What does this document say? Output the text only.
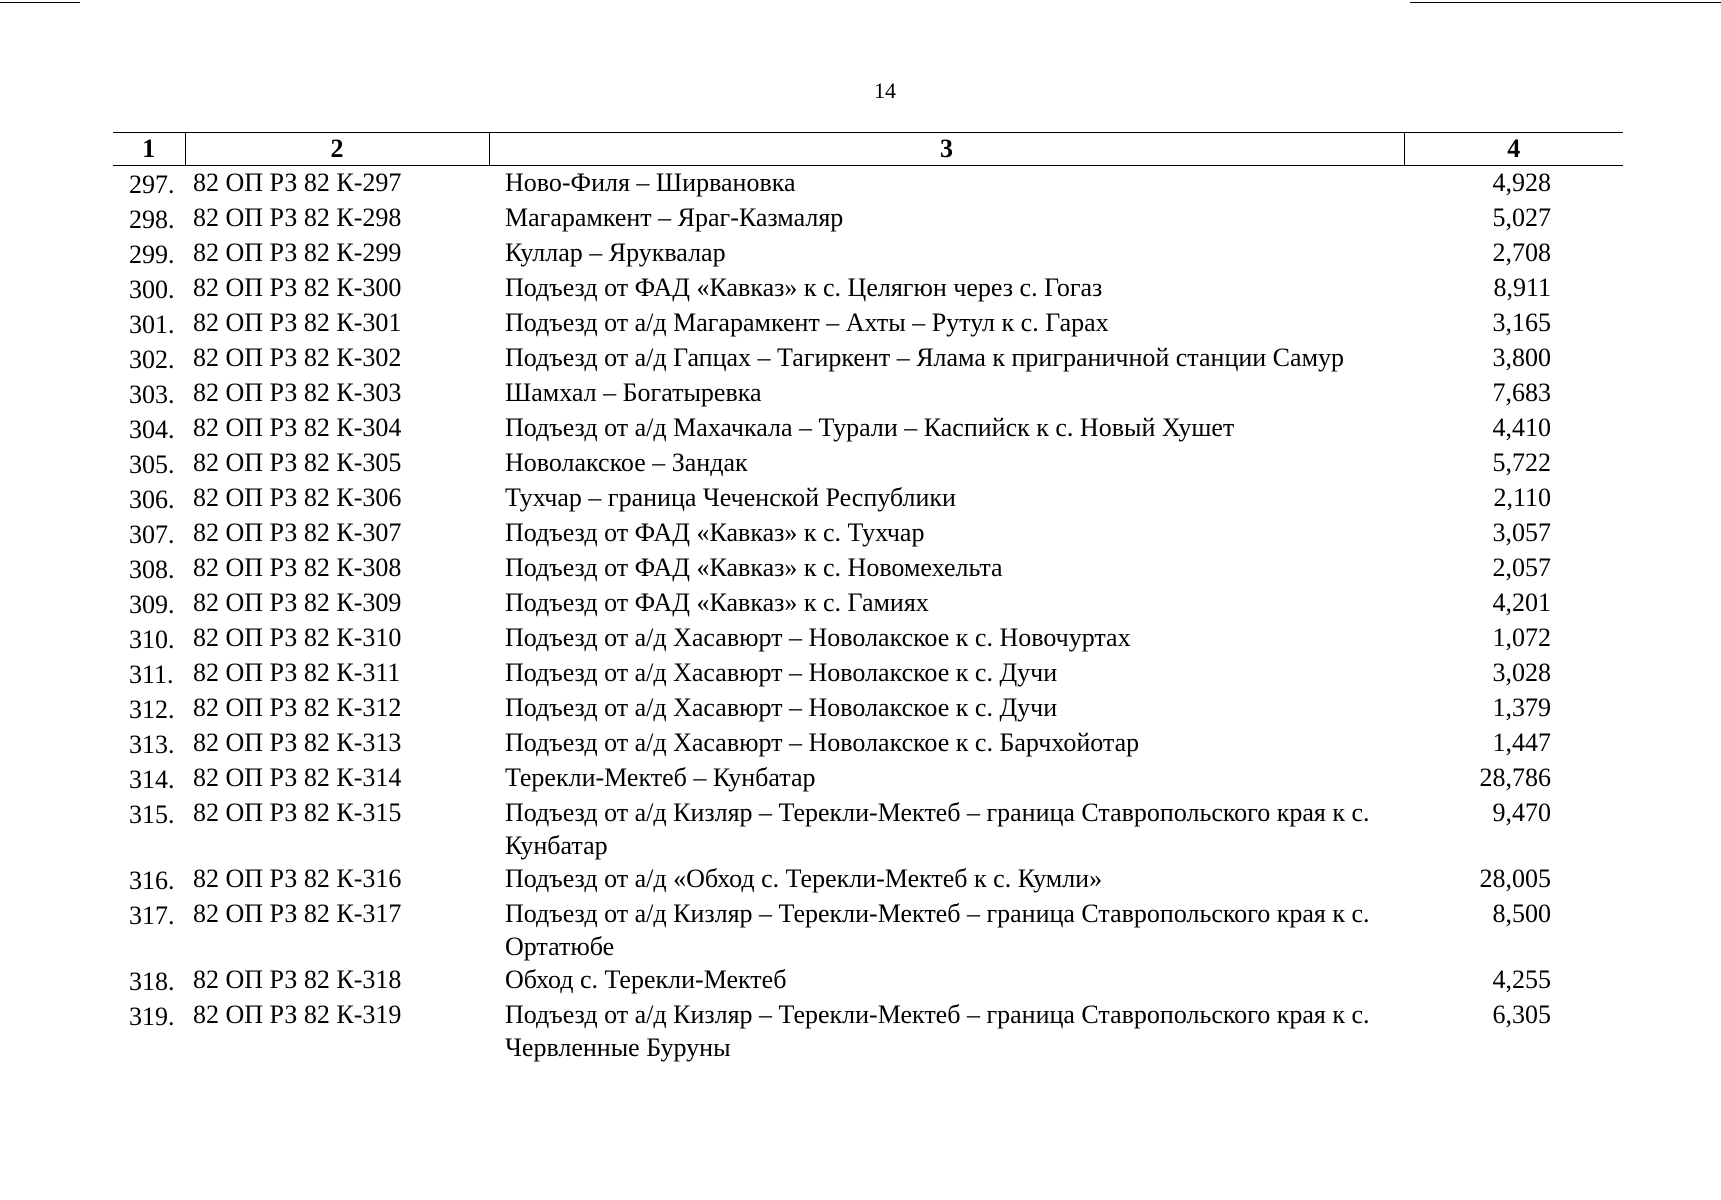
14
1	2	3	4
297.	82 ОП РЗ 82 К-297	Ново-Филя – Ширвановка	4,928
298.	82 ОП РЗ 82 К-298	Магарамкент – Яраг-Казмаляр	5,027
299.	82 ОП РЗ 82 К-299	Куллар – Яруквалар	2,708
300.	82 ОП РЗ 82 К-300	Подъезд от ФАД «Кавказ» к с. Целягюн через с. Гогаз	8,911
301.	82 ОП РЗ 82 К-301	Подъезд от а/д Магарамкент – Ахты – Рутул к с. Гарах	3,165
302.	82 ОП РЗ 82 К-302	Подъезд от а/д Гапцах – Тагиркент – Ялама к приграничной станции Самур	3,800
303.	82 ОП РЗ 82 К-303	Шамхал – Богатыревка	7,683
304.	82 ОП РЗ 82 К-304	Подъезд от а/д Махачкала – Турали – Каспийск к с. Новый Хушет	4,410
305.	82 ОП РЗ 82 К-305	Новолакское – Зандак	5,722
306.	82 ОП РЗ 82 К-306	Тухчар – граница Чеченской Республики	2,110
307.	82 ОП РЗ 82 К-307	Подъезд от ФАД «Кавказ» к с. Тухчар	3,057
308.	82 ОП РЗ 82 К-308	Подъезд от ФАД «Кавказ» к с. Новомехельта	2,057
309.	82 ОП РЗ 82 К-309	Подъезд от ФАД «Кавказ» к с. Гамиях	4,201
310.	82 ОП РЗ 82 К-310	Подъезд от а/д Хасавюрт – Новолакское к с. Новочуртах	1,072
311.	82 ОП РЗ 82 К-311	Подъезд от а/д Хасавюрт – Новолакское к с. Дучи	3,028
312.	82 ОП РЗ 82 К-312	Подъезд от а/д Хасавюрт – Новолакское к с. Дучи	1,379
313.	82 ОП РЗ 82 К-313	Подъезд от а/д Хасавюрт – Новолакское к с. Барчхойотар	1,447
314.	82 ОП РЗ 82 К-314	Терекли-Мектеб – Кунбатар	28,786
315.	82 ОП РЗ 82 К-315	Подъезд от а/д Кизляр – Терекли-Мектеб – граница Ставропольского края к с. Кунбатар	9,470
316.	82 ОП РЗ 82 К-316	Подъезд от а/д «Обход с. Терекли-Мектеб к с. Кумли»	28,005
317.	82 ОП РЗ 82 К-317	Подъезд от а/д Кизляр – Терекли-Мектеб – граница Ставропольского края к с. Ортатюбе	8,500
318.	82 ОП РЗ 82 К-318	Обход с. Терекли-Мектеб	4,255
319.	82 ОП РЗ 82 К-319	Подъезд от а/д Кизляр – Терекли-Мектеб – граница Ставропольского края к с. Червленные Буруны	6,305
